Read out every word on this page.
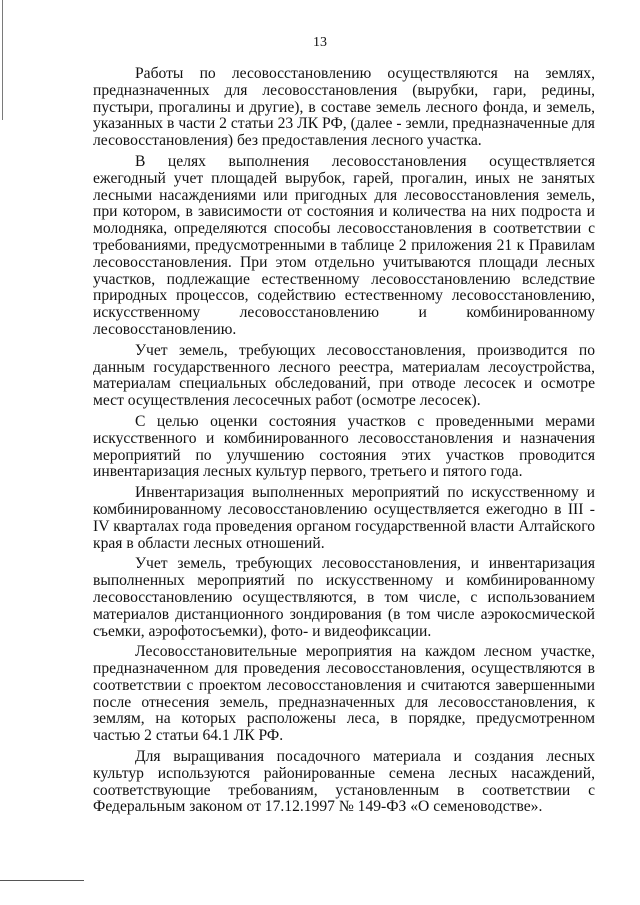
13

Работы по лесовосстановлению осуществляются на землях, предназначенных для лесовосстановления (вырубки, гари, редины, пустыри, прогалины и другие), в составе земель лесного фонда, и земель, указанных в части 2 статьи 23 ЛК РФ, (далее - земли, предназначенные для лесовосстановления) без предоставления лесного участка.

В целях выполнения лесовосстановления осуществляется ежегодный учет площадей вырубок, гарей, прогалин, иных не занятых лесными насаждениями или пригодных для лесовосстановления земель, при котором, в зависимости от состояния и количества на них подроста и молодняка, определяются способы лесовосстановления в соответствии с требованиями, предусмотренными в таблице 2 приложения 21 к Правилам лесовосстановления. При этом отдельно учитываются площади лесных участков, подлежащие естественному лесовосстановлению вследствие природных процессов, содействию естественному лесовосстановлению, искусственному лесовосстановлению и комбинированному лесовосстановлению.

Учет земель, требующих лесовосстановления, производится по данным государственного лесного реестра, материалам лесоустройства, материалам специальных обследований, при отводе лесосек и осмотре мест осуществления лесосечных работ (осмотре лесосек).

С целью оценки состояния участков с проведенными мерами искусственного и комбинированного лесовосстановления и назначения мероприятий по улучшению состояния этих участков проводится инвентаризация лесных культур первого, третьего и пятого года.

Инвентаризация выполненных мероприятий по искусственному и комбинированному лесовосстановлению осуществляется ежегодно в III - IV кварталах года проведения органом государственной власти Алтайского края в области лесных отношений.

Учет земель, требующих лесовосстановления, и инвентаризация выполненных мероприятий по искусственному и комбинированному лесовосстановлению осуществляются, в том числе, с использованием материалов дистанционного зондирования (в том числе аэрокосмической съемки, аэрофотосъемки), фото- и видеофиксации.

Лесовосстановительные мероприятия на каждом лесном участке, предназначенном для проведения лесовосстановления, осуществляются в соответствии с проектом лесовосстановления и считаются завершенными после отнесения земель, предназначенных для лесовосстановления, к землям, на которых расположены леса, в порядке, предусмотренном частью 2 статьи 64.1 ЛК РФ.

Для выращивания посадочного материала и создания лесных культур используются районированные семена лесных насаждений, соответствующие требованиям, установленным в соответствии с Федеральным законом от 17.12.1997 № 149-ФЗ «О семеноводстве».
